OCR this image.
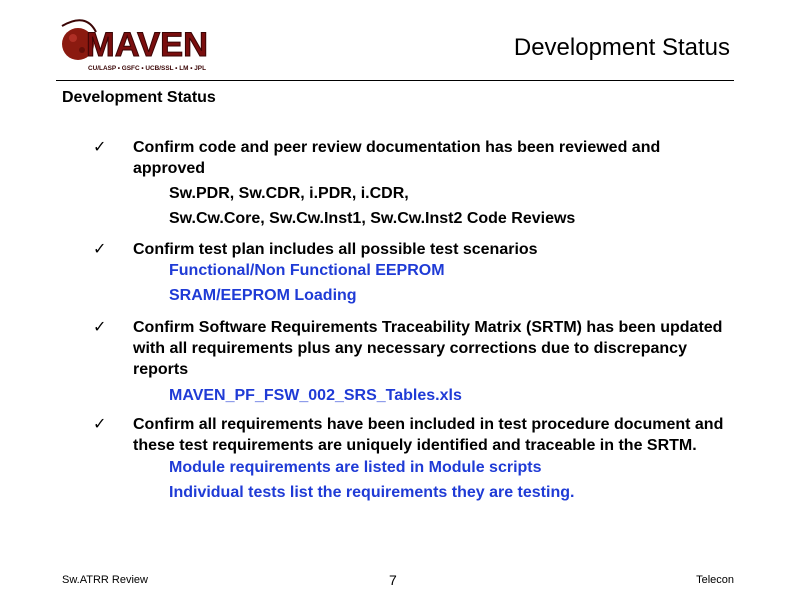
MAVEN
CU/LASP • GSFC • UCB/SSL • LM • JPL
Development Status
Development Status
✓ Confirm code and peer review documentation has been reviewed and approved
Sw.PDR, Sw.CDR, i.PDR, i.CDR,
Sw.Cw.Core, Sw.Cw.Inst1, Sw.Cw.Inst2 Code Reviews
✓ Confirm test plan includes all possible test scenarios
Functional/Non Functional EEPROM
SRAM/EEPROM Loading
✓ Confirm Software Requirements Traceability Matrix (SRTM) has been updated with all requirements plus any necessary corrections due to discrepancy reports
MAVEN_PF_FSW_002_SRS_Tables.xls
✓ Confirm all requirements have been included in test procedure document and these test requirements are uniquely identified and traceable in the SRTM.
Module requirements are listed in Module scripts
Individual tests list the requirements they are testing.
Sw.ATRR Review	7	Telecon
